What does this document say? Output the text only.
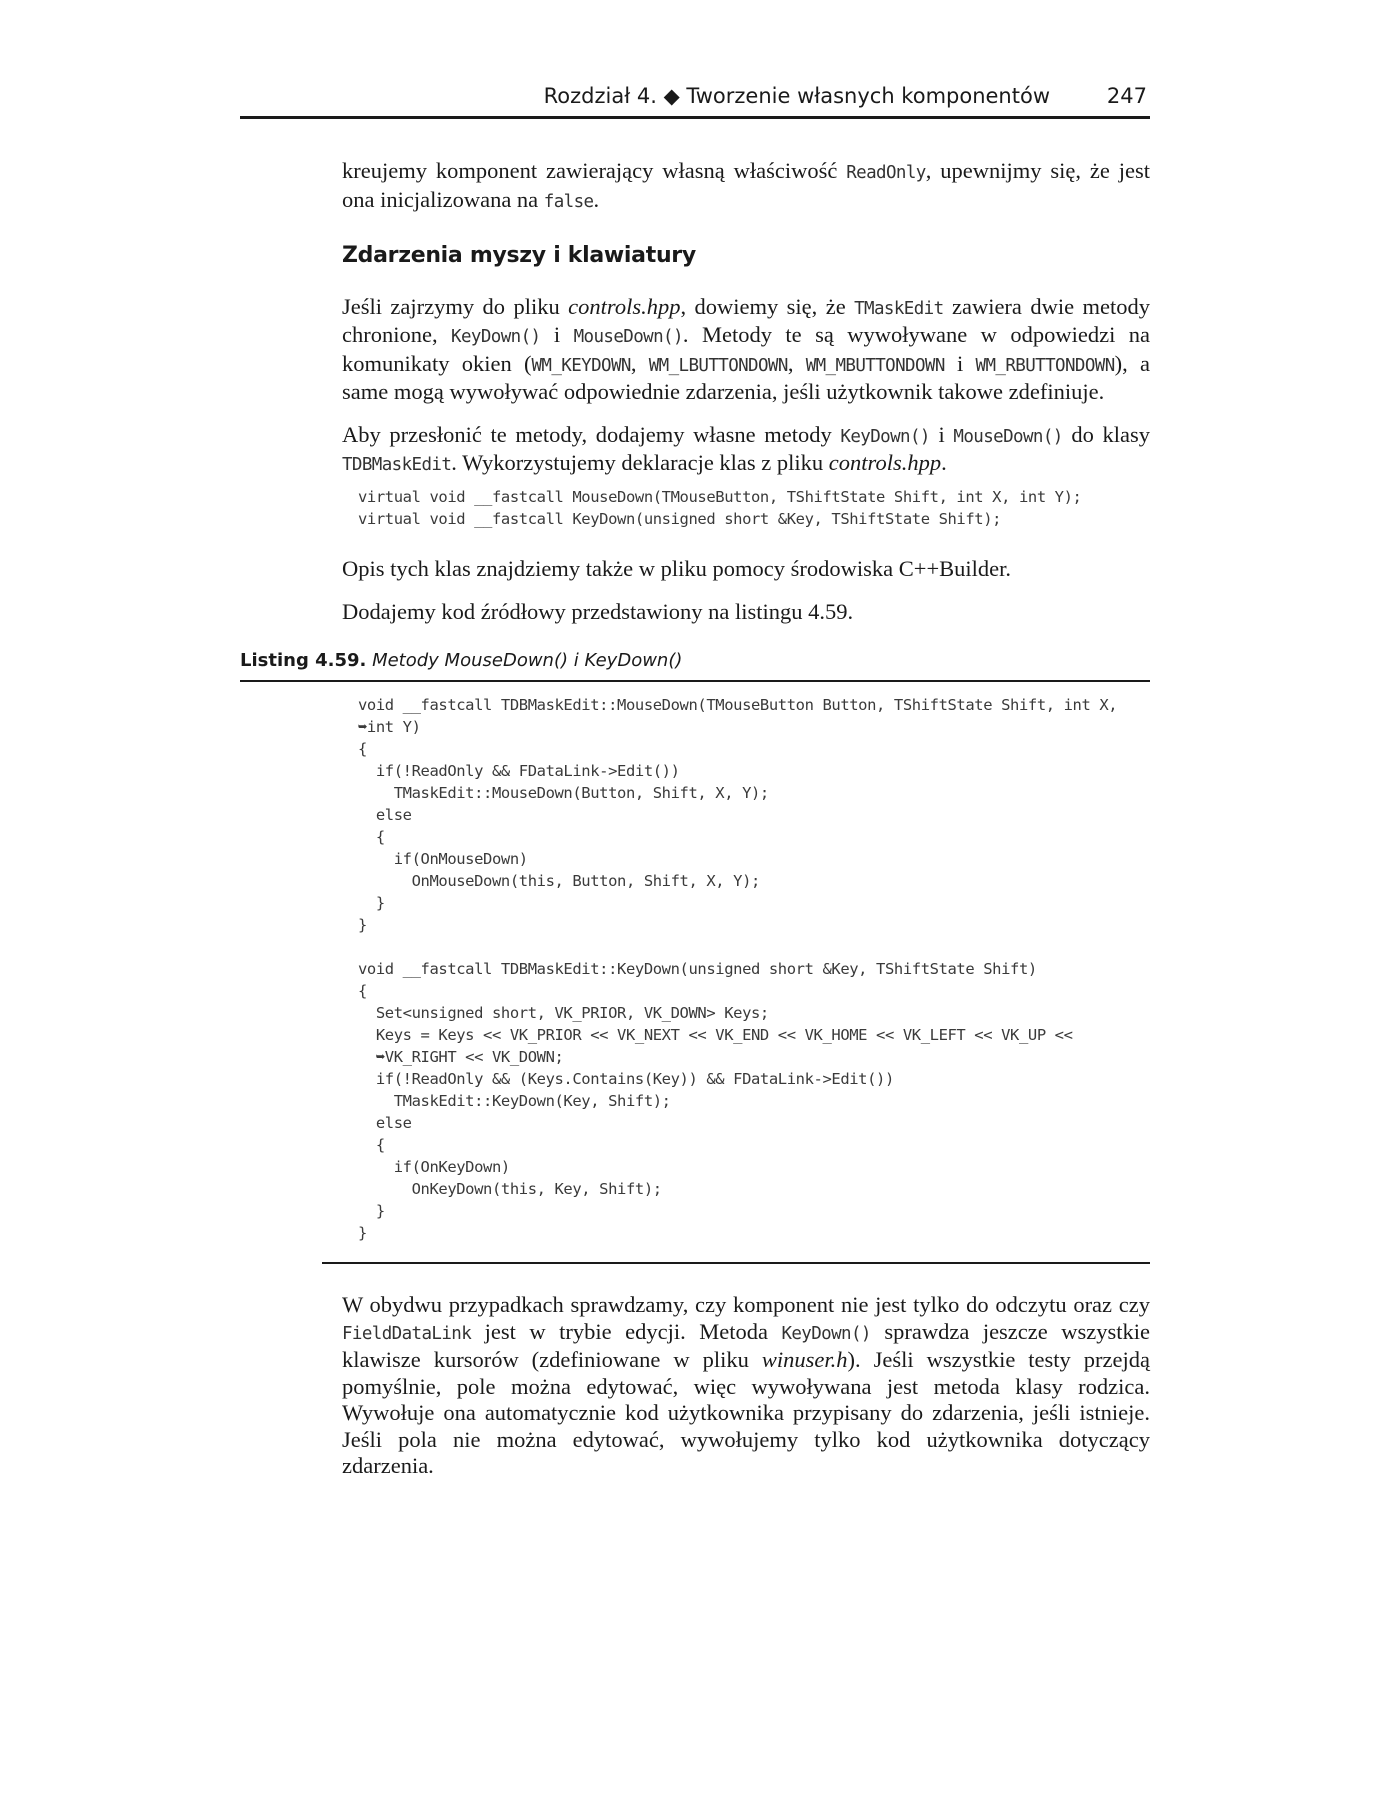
Rozdział 4. ◆ Tworzenie własnych komponentów	247

kreujemy komponent zawierający własną właściwość ReadOnly, upewnijmy się, że jest ona inicjalizowana na false.

Zdarzenia myszy i klawiatury

Jeśli zajrzymy do pliku controls.hpp, dowiemy się, że TMaskEdit zawiera dwie metody chronione, KeyDown() i MouseDown(). Metody te są wywoływane w odpowiedzi na komunikaty okien (WM_KEYDOWN, WM_LBUTTONDOWN, WM_MBUTTONDOWN i WM_RBUTTONDOWN), a same mogą wywoływać odpowiednie zdarzenia, jeśli użytkownik takowe zdefiniuje.

Aby przesłonić te metody, dodajemy własne metody KeyDown() i MouseDown() do klasy TDBMaskEdit. Wykorzystujemy deklaracje klas z pliku controls.hpp.

virtual void __fastcall MouseDown(TMouseButton, TShiftState Shift, int X, int Y);
virtual void __fastcall KeyDown(unsigned short &Key, TShiftState Shift);

Opis tych klas znajdziemy także w pliku pomocy środowiska C++Builder.

Dodajemy kod źródłowy przedstawiony na listingu 4.59.

Listing 4.59. Metody MouseDown() i KeyDown()
void __fastcall TDBMaskEdit::MouseDown(TMouseButton Button, TShiftState Shift, int X,
➥int Y)
{
if(!ReadOnly && FDataLink->Edit())
TMaskEdit::MouseDown(Button, Shift, X, Y);
else
{
if(OnMouseDown)
OnMouseDown(this, Button, Shift, X, Y);
}
}

void __fastcall TDBMaskEdit::KeyDown(unsigned short &Key, TShiftState Shift)
{
Set<unsigned short, VK_PRIOR, VK_DOWN> Keys;
Keys = Keys << VK_PRIOR << VK_NEXT << VK_END << VK_HOME << VK_LEFT << VK_UP <<
➥VK_RIGHT << VK_DOWN;
if(!ReadOnly && (Keys.Contains(Key)) && FDataLink->Edit())
TMaskEdit::KeyDown(Key, Shift);
else
{
if(OnKeyDown)
OnKeyDown(this, Key, Shift);
}
}

W obydwu przypadkach sprawdzamy, czy komponent nie jest tylko do odczytu oraz czy FieldDataLink jest w trybie edycji. Metoda KeyDown() sprawdza jeszcze wszystkie klawisze kursorów (zdefiniowane w pliku winuser.h). Jeśli wszystkie testy przejdą pomyślnie, pole można edytować, więc wywoływana jest metoda klasy rodzica. Wywołuje ona automatycznie kod użytkownika przypisany do zdarzenia, jeśli istnieje. Jeśli pola nie można edytować, wywołujemy tylko kod użytkownika dotyczący zdarzenia.
